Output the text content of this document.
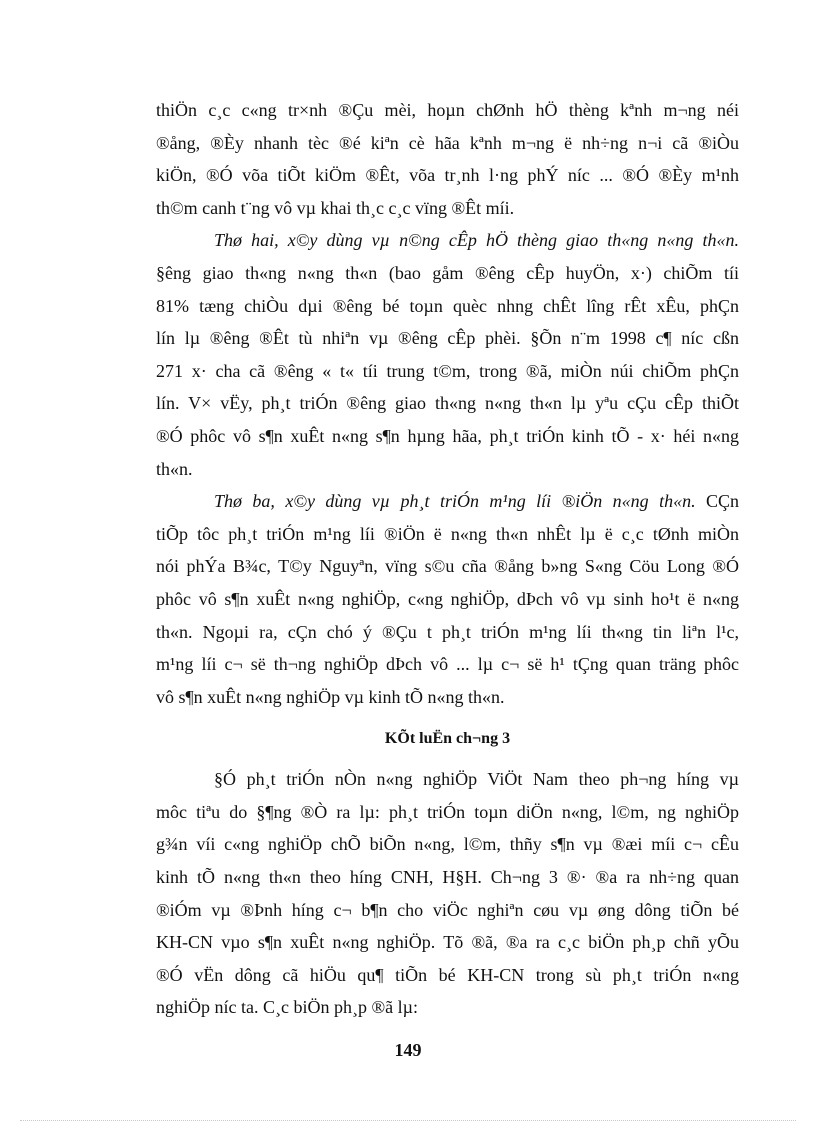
thiÖn c¸c c«ng tr×nh ®Çu mèi, hoµn chØnh hÖ thèng kªnh m¬ng néi
®ång, ®Èy nhanh tèc ®é kiªn cè hãa kªnh m¬ng ë nh÷ng n¬i cã ®iÒu
kiÖn, ®Ó võa tiÕt kiÖm ®Êt, võa tr¸nh l·ng phÝ níc ... ®Ó ®Èy m¹nh
th©m canh t¨ng vô vµ khai th¸c c¸c vïng ®Êt míi.

Thø hai, x©y dùng vµ n©ng cÊp hÖ thèng giao th«ng n«ng th«n.
§êng giao th«ng n«ng th«n (bao gåm ®êng cÊp huyÖn, x·) chiÕm tíi
81% tæng chiÒu dµi ®êng bé toµn quèc nhng chÊt lîng rÊt xÊu, phÇn
lín lµ ®êng ®Êt tù nhiªn vµ ®êng cÊp phèi. §Õn n¨m 1998 c¶ níc cßn
271 x· cha cã ®êng « t« tíi trung t©m, trong ®ã, miÒn núi chiÕm phÇn
lín. V× vËy, ph¸t triÓn ®êng giao th«ng n«ng th«n lµ yªu cÇu cÊp thiÕt
®Ó phôc vô s¶n xuÊt n«ng s¶n hµng hãa, ph¸t triÓn kinh tÕ - x· héi n«ng
th«n.

Thø ba, x©y dùng vµ ph¸t triÓn m¹ng líi ®iÖn n«ng th«n. CÇn
tiÕp tôc ph¸t triÓn m¹ng líi ®iÖn ë n«ng th«n nhÊt lµ ë c¸c tØnh miÒn
nói phÝa B¾c, T©y Nguyªn, vïng s©u cña ®ång b»ng S«ng Cöu Long ®Ó
phôc vô s¶n xuÊt n«ng nghiÖp, c«ng nghiÖp, dÞch vô vµ sinh ho¹t ë n«ng
th«n. Ngoµi ra, cÇn chó ý ®Çu t ph¸t triÓn m¹ng líi th«ng tin liªn l¹c,
m¹ng líi c¬ së th¬ng nghiÖp dÞch vô ... lµ c¬ së h¹ tÇng quan träng phôc
vô s¶n xuÊt n«ng nghiÖp vµ kinh tÕ n«ng th«n.

KÕt luËn ch¬ng 3

§Ó ph¸t triÓn nÒn n«ng nghiÖp ViÖt Nam theo ph¬ng híng vµ
môc tiªu do §¶ng ®Ò ra lµ: ph¸t triÓn toµn diÖn n«ng, l©m, ng nghiÖp
g¾n víi c«ng nghiÖp chÕ biÕn n«ng, l©m, thñy s¶n vµ ®æi míi c¬ cÊu
kinh tÕ n«ng th«n theo híng CNH, H§H. Ch¬ng 3 ®· ®a ra nh÷ng quan
®iÓm vµ ®Þnh híng c¬ b¶n cho viÖc nghiªn cøu vµ øng dông tiÕn bé
KH-CN vµo s¶n xuÊt n«ng nghiÖp. Tõ ®ã, ®a ra c¸c biÖn ph¸p chñ yÕu
®Ó vËn dông cã hiÖu qu¶ tiÕn bé KH-CN trong sù ph¸t triÓn n«ng
nghiÖp níc ta. C¸c biÖn ph¸p ®ã lµ:

149
